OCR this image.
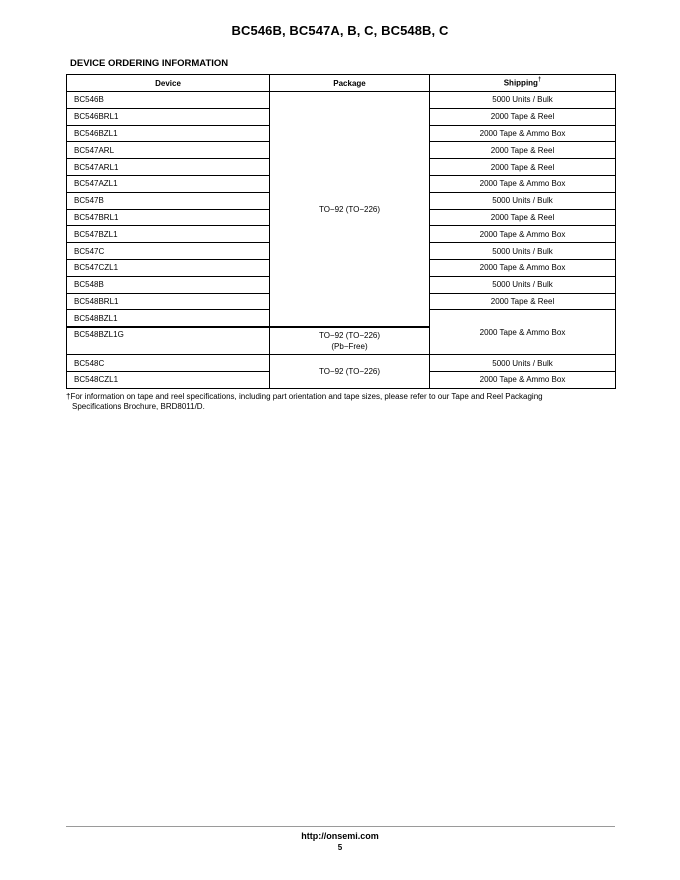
BC546B, BC547A, B, C, BC548B, C
DEVICE ORDERING INFORMATION
Device	Package	Shipping†
BC546B	TO−92 (TO−226)	5000 Units / Bulk
BC546BRL1		2000 Tape & Reel
BC546BZL1		2000 Tape & Ammo Box
BC547ARL		2000 Tape & Reel
BC547ARL1		2000 Tape & Reel
BC547AZL1		2000 Tape & Ammo Box
BC547B		5000 Units / Bulk
BC547BRL1		2000 Tape & Reel
BC547BZL1		2000 Tape & Ammo Box
BC547C		5000 Units / Bulk
BC547CZL1		2000 Tape & Ammo Box
BC548B		5000 Units / Bulk
BC548BRL1		2000 Tape & Reel
BC548BZL1		2000 Tape & Ammo Box
BC548BZL1G	TO−92 (TO−226)
(Pb−Free)	

BC548C	TO−92 (TO−226)	5000 Units / Bulk
BC548CZL1		2000 Tape & Ammo Box
†For information on tape and reel specifications, including part orientation and tape sizes, please refer to our Tape and Reel Packaging
Specifications Brochure, BRD8011/D.
http://onsemi.com
5
